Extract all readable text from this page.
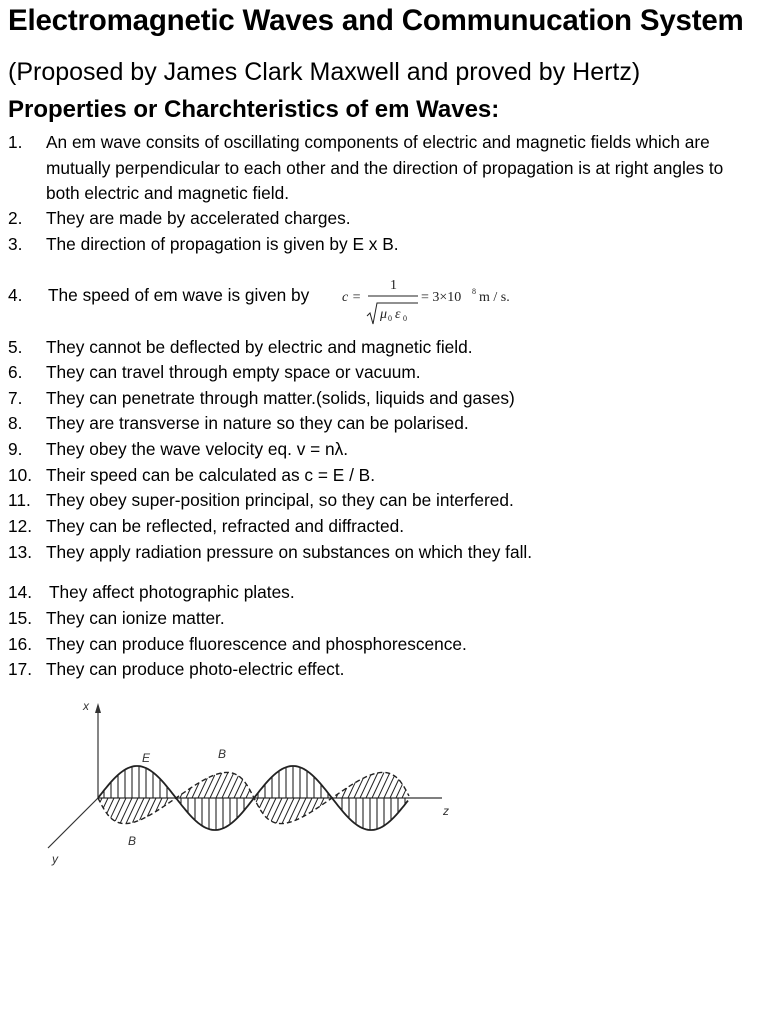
Electromagnetic Waves and Communucation System
(Proposed by James Clark Maxwell and proved by Hertz)
Properties or Charchteristics of em Waves:
1. An em wave consits of oscillating components of electric and magnetic fields which are mutually perpendicular to each other and the direction of propagation is at right angles to both electric and magnetic field.
2. They are made by accelerated charges.
3. The direction of propagation is given by E x B.
4. The speed of em wave is given by
5. They cannot be deflected by electric and magnetic field.
6. They can travel through empty space or vacuum.
7. They can penetrate through matter.(solids, liquids and gases)
8. They are transverse in nature so they can be polarised.
9. They obey the wave velocity eq. v = nλ.
10. Their speed can be calculated as c = E / B.
11. They obey super-position principal, so they can be interfered.
12. They can be reflected, refracted and diffracted.
13. They apply radiation pressure on substances on which they fall.
14. They affect photographic plates.
15. They can ionize matter.
16. They can produce fluorescence and phosphorescence.
17. They can produce photo-electric effect.
c =
1
μ 0 ε 0
= 3×10 8 m / s.
x
z
y
E	B
B
